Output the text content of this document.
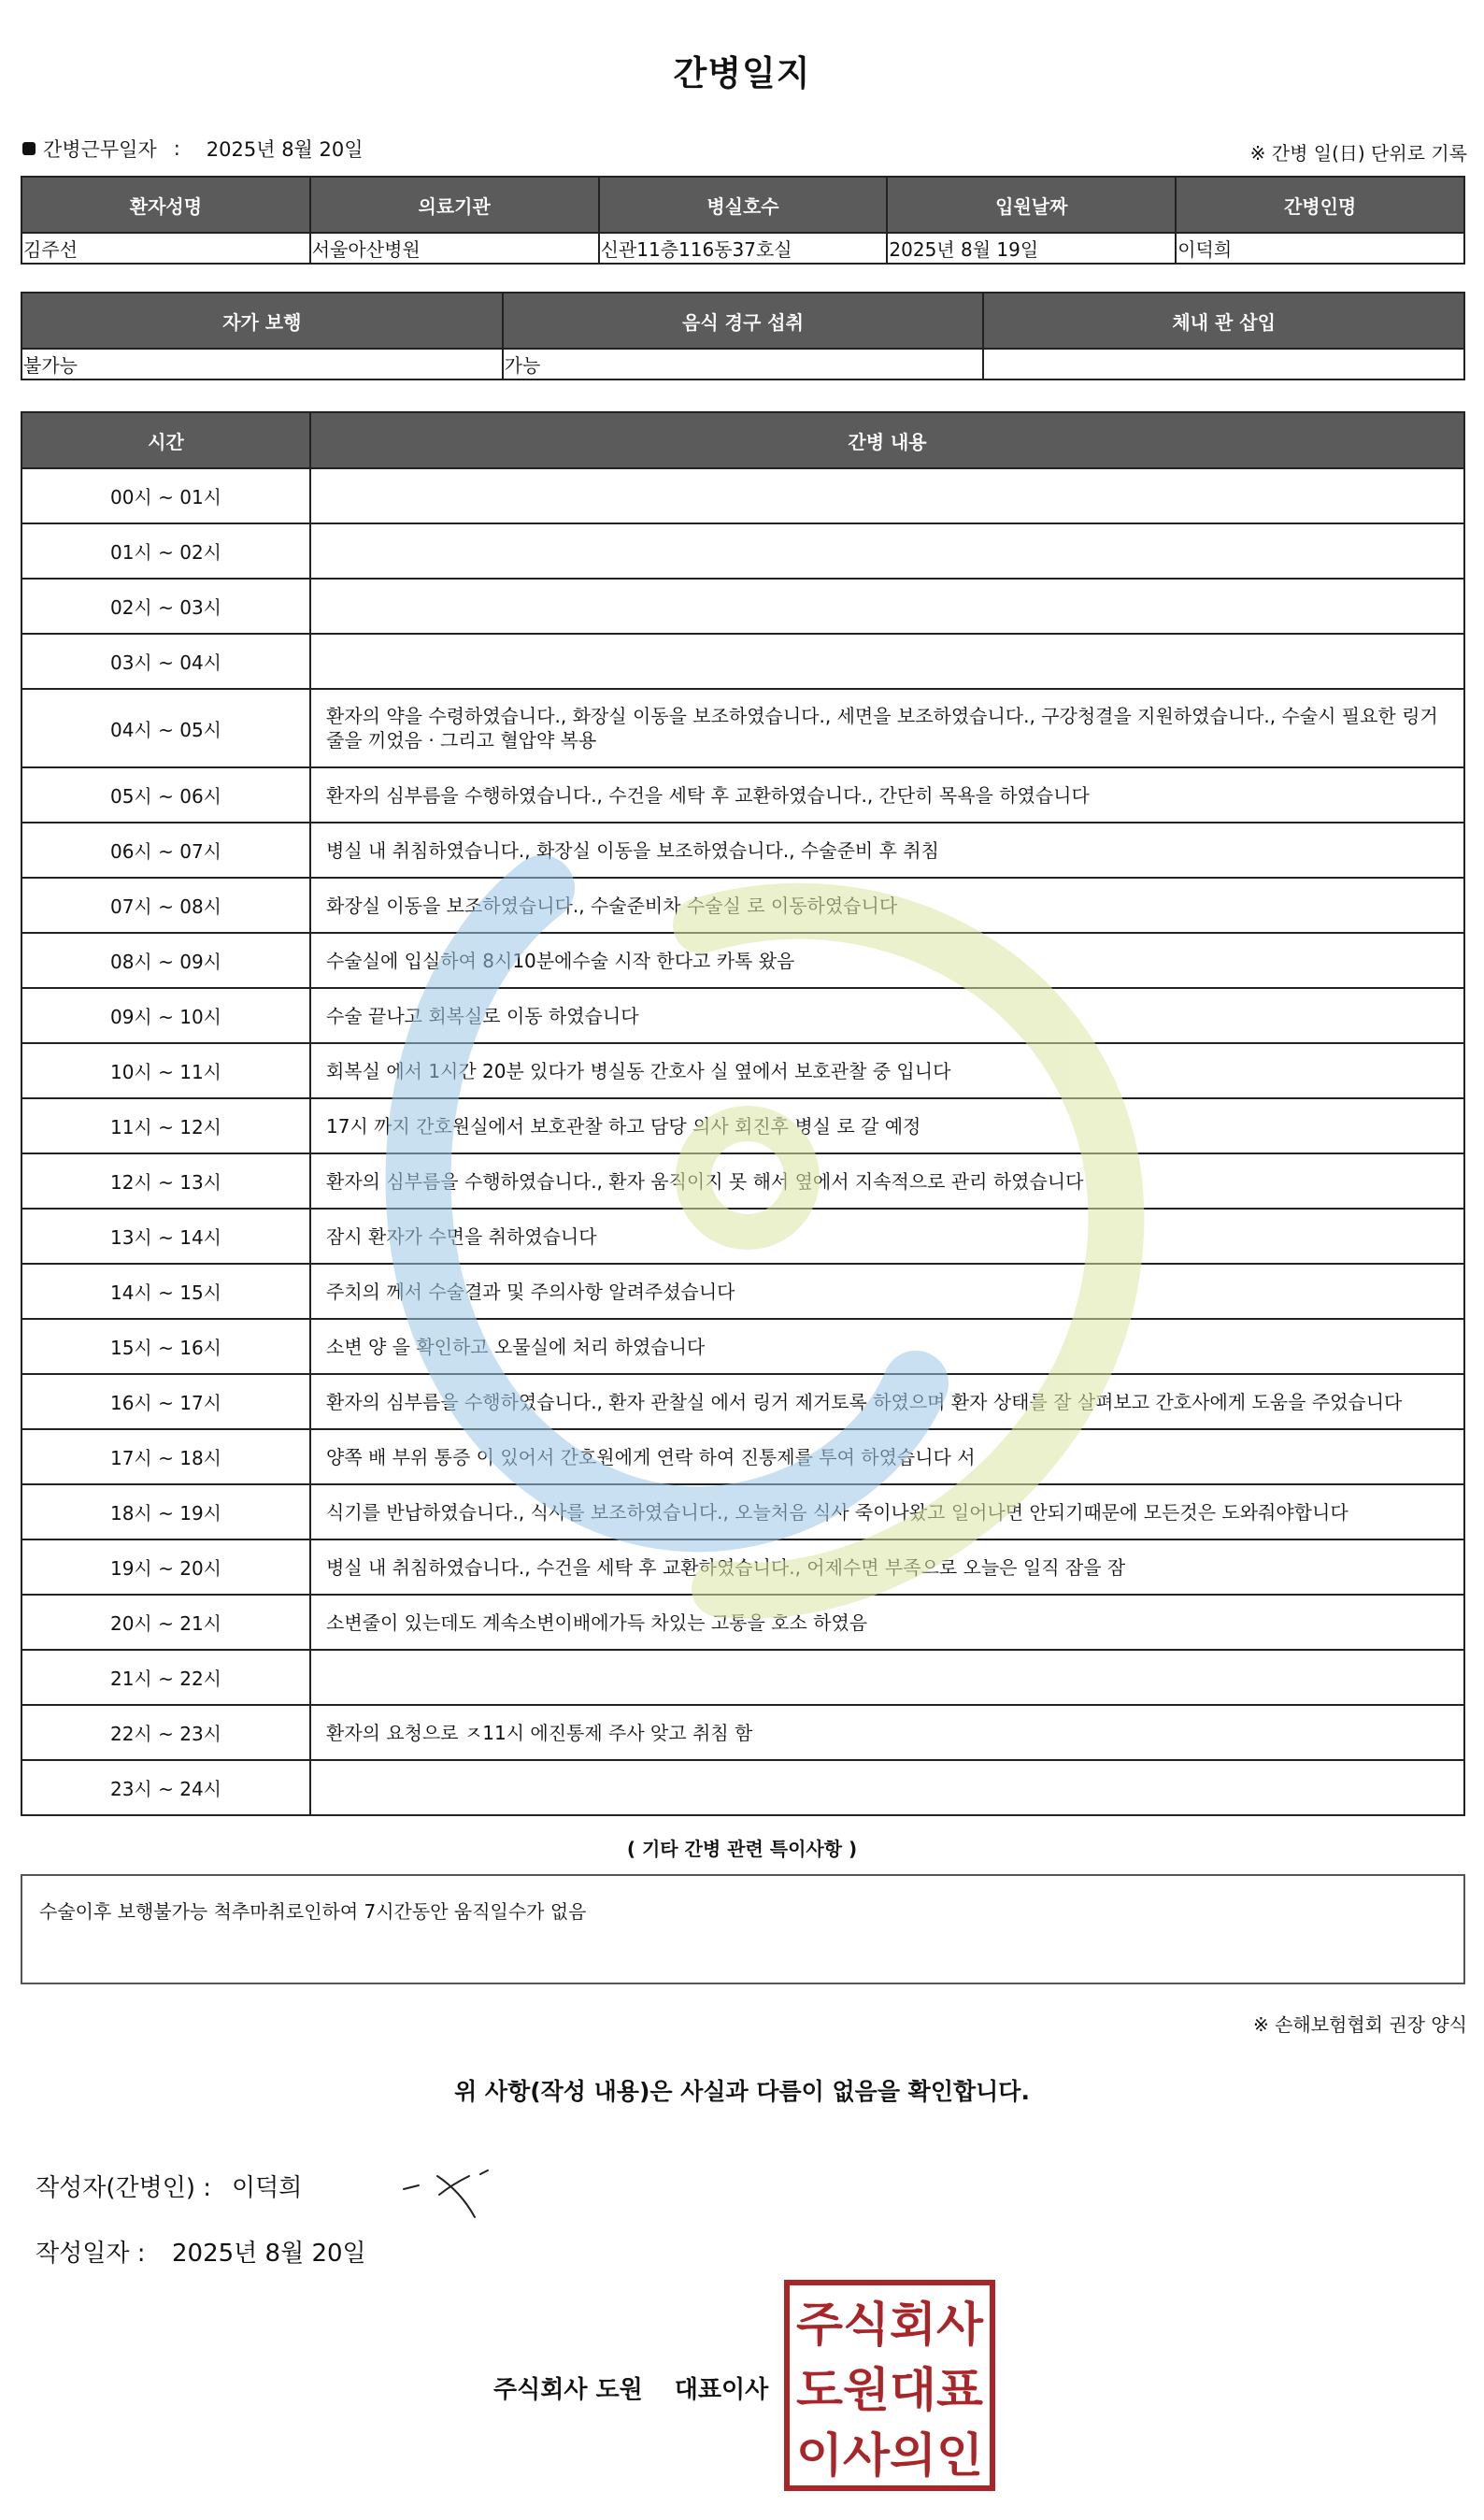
간병일지
간병근무일자 : 2025년 8월 20일	※ 간병 일(日) 단위로 기록
환자성명	의료기관	병실호수	입원날짜	간병인명
김주선	서울아산병원	신관11층116동37호실	2025년 8월 19일	이덕희
자가 보행	음식 경구 섭취	체내 관 삽입
불가능	가능	
시간	간병 내용
00시 ~ 01시	
01시 ~ 02시	
02시 ~ 03시	
03시 ~ 04시	
04시 ~ 05시	환자의 약을 수령하였습니다., 화장실 이동을 보조하였습니다., 세면을 보조하였습니다., 구강청결을 지원하였습니다., 수술시 필요한 링거줄을 끼었음 · 그리고 혈압약 복용
05시 ~ 06시	환자의 심부름을 수행하였습니다., 수건을 세탁 후 교환하였습니다., 간단히 목욕을 하였습니다
06시 ~ 07시	병실 내 취침하였습니다., 화장실 이동을 보조하였습니다., 수술준비 후 취침
07시 ~ 08시	화장실 이동을 보조하였습니다., 수술준비차 수술실 로 이동하였습니다
08시 ~ 09시	수술실에 입실하여 8시10분에수술 시작 한다고 카톡 왔음
09시 ~ 10시	수술 끝나고 회복실로 이동 하였습니다
10시 ~ 11시	회복실 에서 1시간 20분 있다가 병실동 간호사 실 옆에서 보호관찰 중 입니다
11시 ~ 12시	17시 까지 간호원실에서 보호관찰 하고 담당 의사 회진후 병실 로 갈 예정
12시 ~ 13시	환자의 심부름을 수행하였습니다., 환자 움직이지 못 해서 옆에서 지속적으로 관리 하였습니다
13시 ~ 14시	잠시 환자가 수면을 취하였습니다
14시 ~ 15시	주치의 께서 수술결과 및 주의사항 알려주셨습니다
15시 ~ 16시	소변 양 을 확인하고 오물실에 처리 하였습니다
16시 ~ 17시	환자의 심부름을 수행하였습니다., 환자 관찰실 에서 링거 제거토록 하였으며 환자 상태를 잘 살펴보고 간호사에게 도움을 주었습니다
17시 ~ 18시	양쪽 배 부위 통증 이 있어서 간호원에게 연락 하여 진통제를 투여 하였습니다 서
18시 ~ 19시	식기를 반납하였습니다., 식사를 보조하였습니다., 오늘처음 식사 죽이나왔고 일어나면 안되기때문에 모든것은 도와줘야합니다
19시 ~ 20시	병실 내 취침하였습니다., 수건을 세탁 후 교환하였습니다., 어제수면 부족으로 오늘은 일직 잠을 잠
20시 ~ 21시	소변줄이 있는데도 계속소변이배에가득 차있는 고통을 호소 하였음
21시 ~ 22시	
22시 ~ 23시	환자의 요청으로 ㅈ11시 에진통제 주사 앚고 취침 함
23시 ~ 24시	
( 기타 간병 관련 특이사항 )
수술이후 보행불가능 척추마취로인하여 7시간동안 움직일수가 없음
※ 손해보험협회 권장 양식
위 사항(작성 내용)은 사실과 다름이 없음을 확인합니다.
작성자(간병인) : 이덕희
작성일자 :	2025년 8월 20일
주식회사 도원 대표이사
주식회사
도원대표
이사의인
